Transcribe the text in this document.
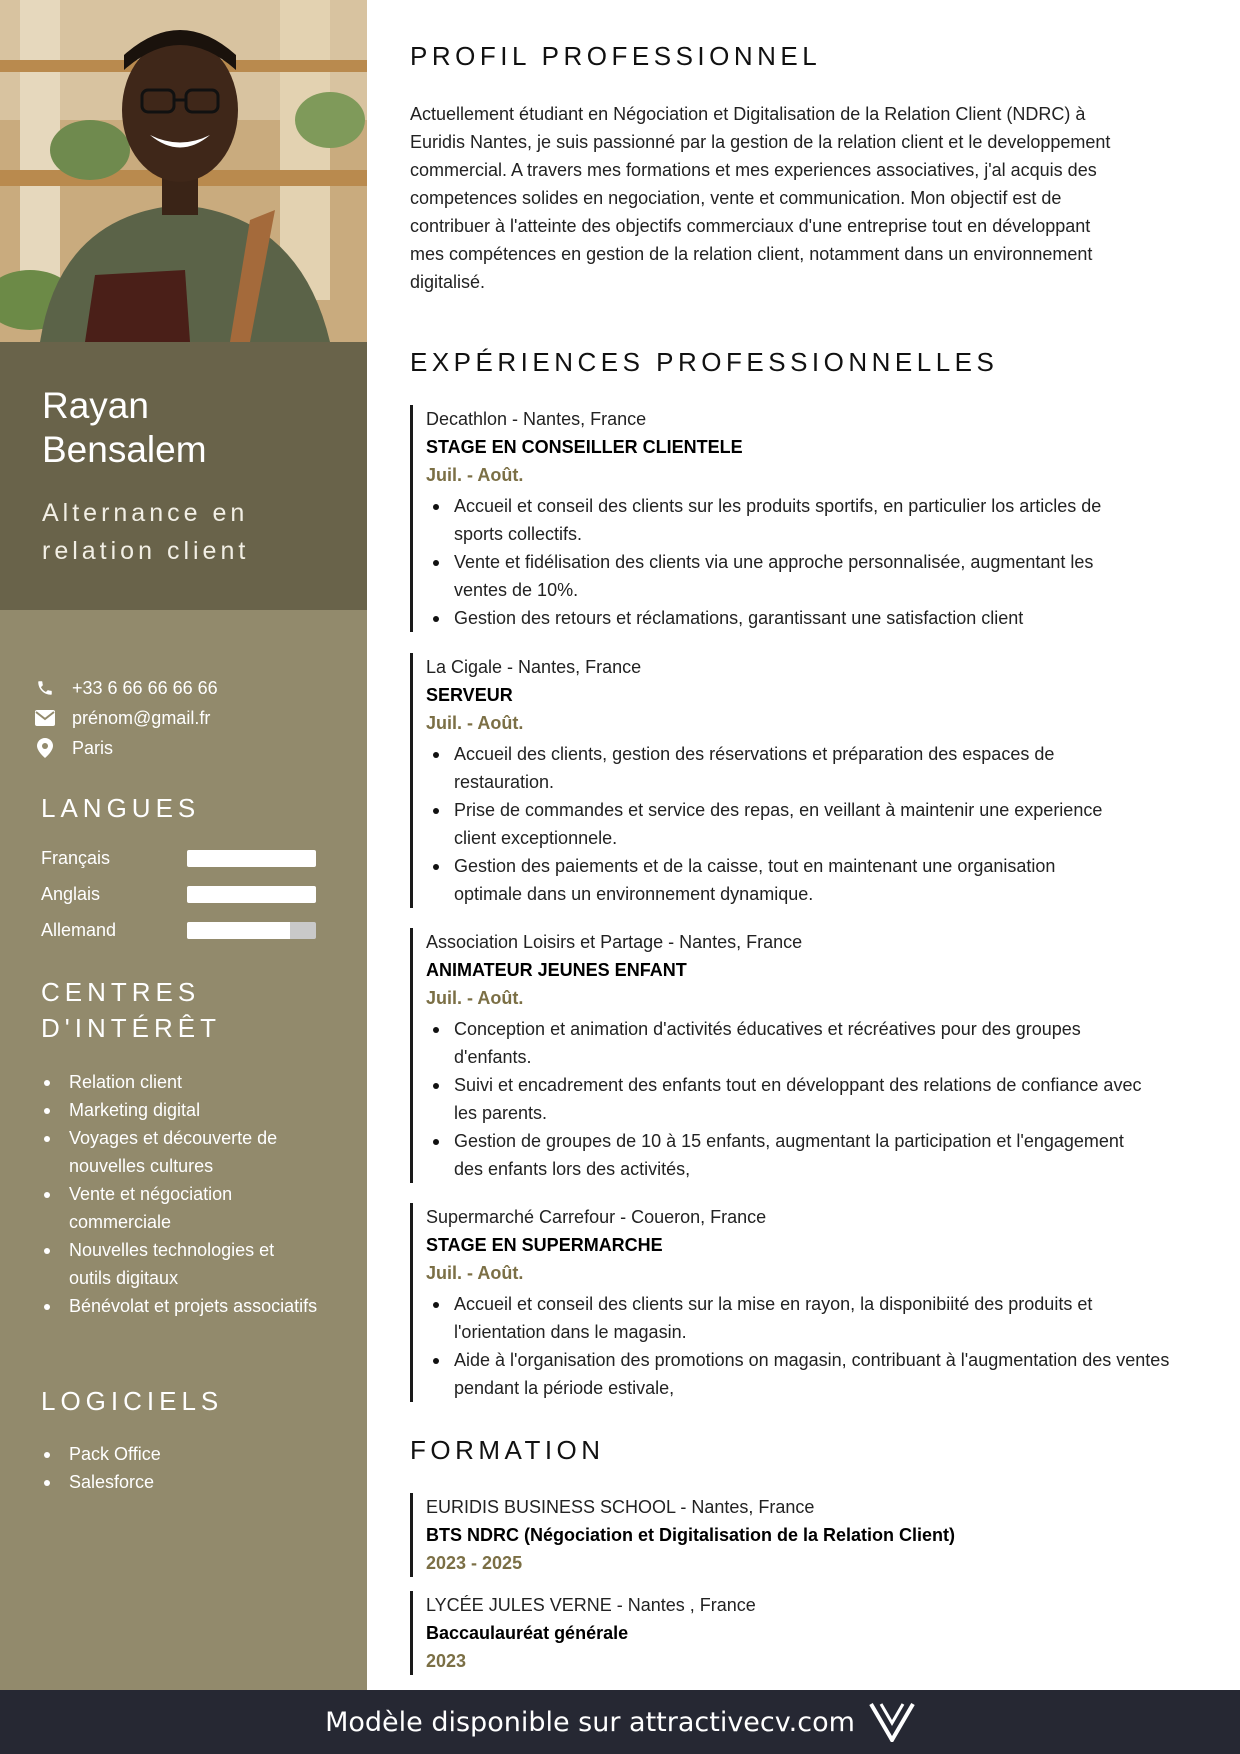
Rayan Bensalem
Alternance en relation client
+33 6 66 66 66 66
prénom@gmail.fr
Paris
LANGUES
Français
Anglais
Allemand
CENTRES D'INTÉRÊT
Relation client
Marketing digital
Voyages et découverte de nouvelles cultures
Vente et négociation commerciale
Nouvelles technologies et outils digitaux
Bénévolat et projets associatifs
LOGICIELS
Pack Office
Salesforce
PROFIL PROFESSIONNEL

Actuellement étudiant en Négociation et Digitalisation de la Relation Client (NDRC) à Euridis Nantes, je suis passionné par la gestion de la relation client et le developpement commercial. A travers mes formations et mes experiences associatives, j'al acquis des competences solides en negociation, vente et communication. Mon objectif est de contribuer à l'atteinte des objectifs commerciaux d'une entreprise tout en développant mes compétences en gestion de la relation client, notamment dans un environnement digitalisé.

EXPÉRIENCES PROFESSIONNELLES
Decathlon - Nantes, France
STAGE EN CONSEILLER CLIENTELE
Juil. - Août.
Accueil et conseil des clients sur les produits sportifs, en particulier los articles de sports collectifs.
Vente et fidélisation des clients via une approche personnalisée, augmentant les ventes de 10%.
Gestion des retours et réclamations, garantissant une satisfaction client
La Cigale - Nantes, France
SERVEUR
Juil. - Août.
Accueil des clients, gestion des réservations et préparation des espaces de restauration.
Prise de commandes et service des repas, en veillant à maintenir une experience client exceptionnele.
Gestion des paiements et de la caisse, tout en maintenant une organisation optimale dans un environnement dynamique.
Association Loisirs et Partage - Nantes, France
ANIMATEUR JEUNES ENFANT
Juil. - Août.
Conception et animation d'activités éducatives et récréatives pour des groupes d'enfants.
Suivi et encadrement des enfants tout en développant des relations de confiance avec les parents.
Gestion de groupes de 10 à 15 enfants, augmentant la participation et l'engagement des enfants lors des activités,
Supermarché Carrefour - Coueron, France
STAGE EN SUPERMARCHE
Juil. - Août.
Accueil et conseil des clients sur la mise en rayon, la disponibiité des produits et l'orientation dans le magasin.
Aide à l'organisation des promotions on magasin, contribuant à l'augmentation des ventes pendant la période estivale,
FORMATION
EURIDIS BUSINESS SCHOOL - Nantes, France
BTS NDRC (Négociation et Digitalisation de la Relation Client)
2023 - 2025
LYCÉE JULES VERNE - Nantes , France
Baccaulauréat générale
2023
Modèle disponible sur attractivecv.com
